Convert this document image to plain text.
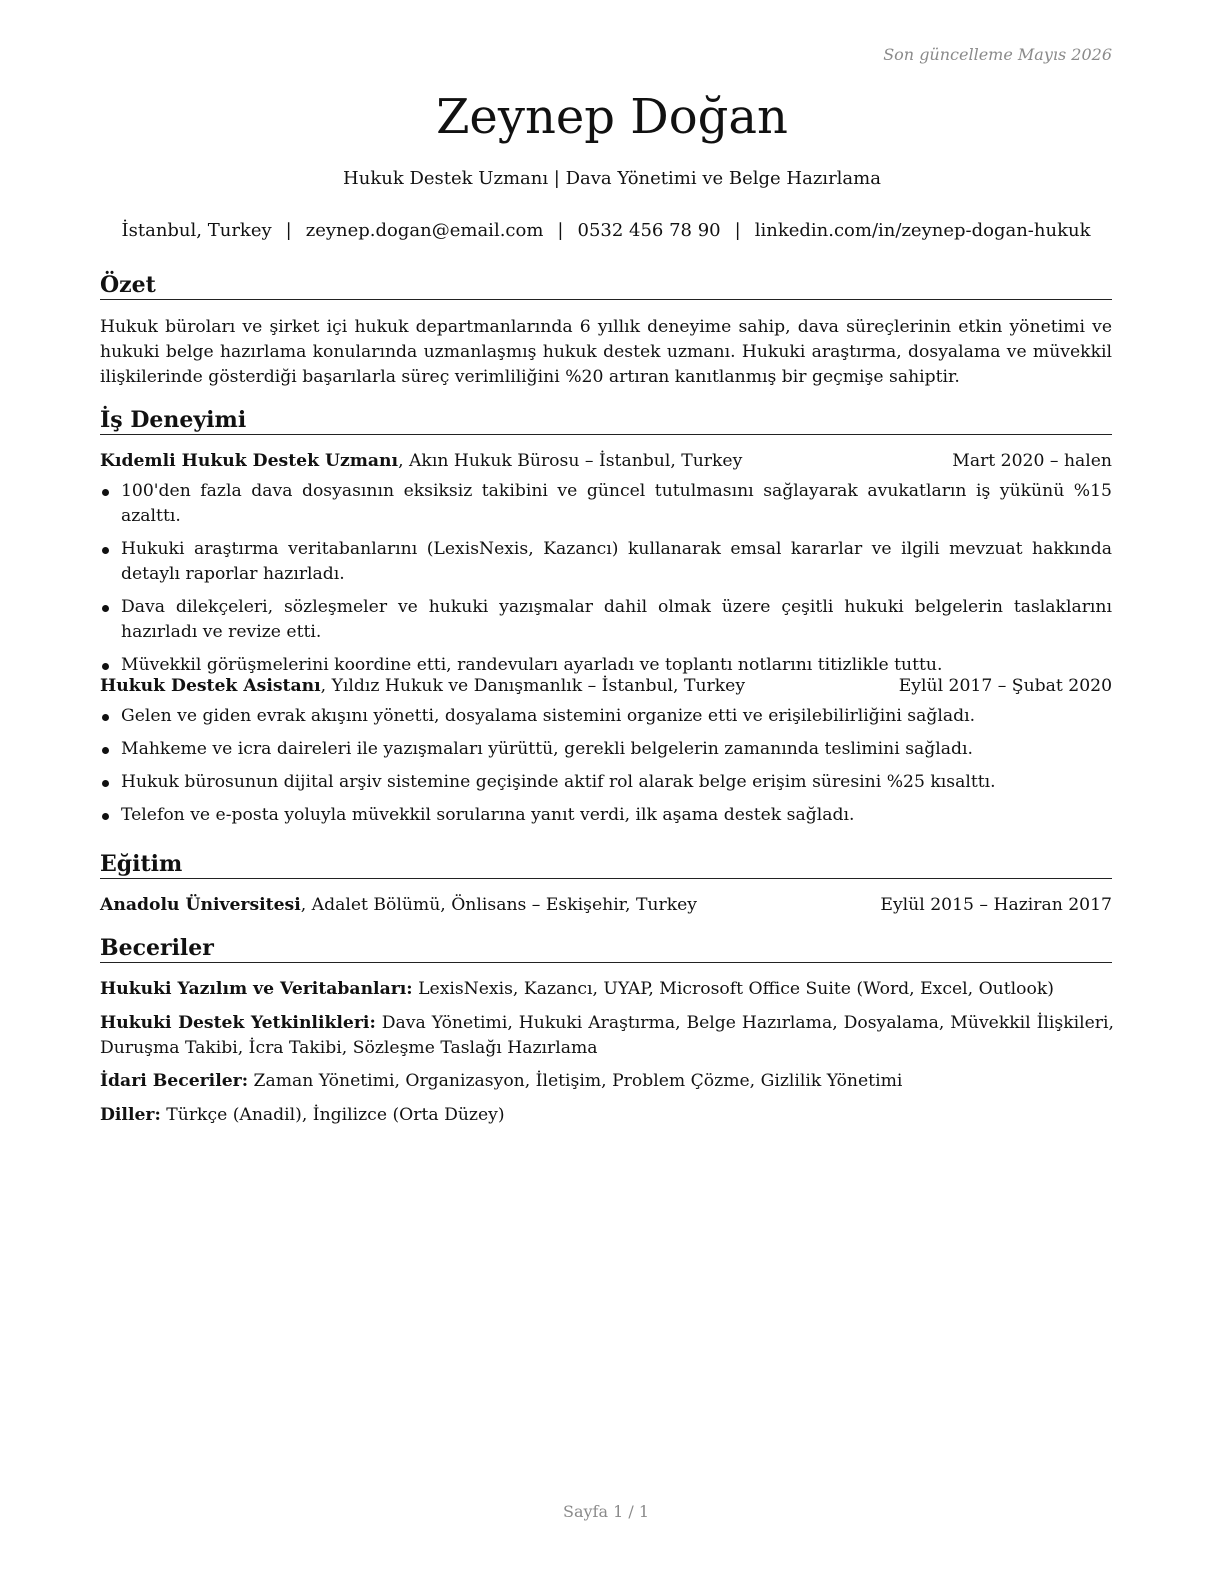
Son güncelleme Mayıs 2026
Zeynep Doğan
Hukuk Destek Uzmanı | Dava Yönetimi ve Belge Hazırlama
İstanbul, Turkey | zeynep.dogan@email.com | 0532 456 78 90 | linkedin.com/in/zeynep-dogan-hukuk
Özet
Hukuk büroları ve şirket içi hukuk departmanlarında 6 yıllık deneyime sahip, dava süreçlerinin etkin yönetimi ve hukuki belge hazırlama konularında uzmanlaşmış hukuk destek uzmanı. Hukuki araştırma, dosyalama ve müvekkil ilişkilerinde gösterdiği başarılarla süreç verimliliğini %20 artıran kanıtlanmış bir geçmişe sahiptir.
İş Deneyimi
Kıdemli Hukuk Destek Uzmanı, Akın Hukuk Bürosu – İstanbul, Turkey	Mart 2020 – halen
100'den fazla dava dosyasının eksiksiz takibini ve güncel tutulmasını sağlayarak avukatların iş yükünü %15 azalttı.
Hukuki araştırma veritabanlarını (LexisNexis, Kazancı) kullanarak emsal kararlar ve ilgili mevzuat hakkında detaylı raporlar hazırladı.
Dava dilekçeleri, sözleşmeler ve hukuki yazışmalar dahil olmak üzere çeşitli hukuki belgelerin taslaklarını hazırladı ve revize etti.
Müvekkil görüşmelerini koordine etti, randevuları ayarladı ve toplantı notlarını titizlikle tuttu.
Hukuk Destek Asistanı, Yıldız Hukuk ve Danışmanlık – İstanbul, Turkey	Eylül 2017 – Şubat 2020
Gelen ve giden evrak akışını yönetti, dosyalama sistemini organize etti ve erişilebilirliğini sağladı.
Mahkeme ve icra daireleri ile yazışmaları yürüttü, gerekli belgelerin zamanında teslimini sağladı.
Hukuk bürosunun dijital arşiv sistemine geçişinde aktif rol alarak belge erişim süresini %25 kısalttı.
Telefon ve e-posta yoluyla müvekkil sorularına yanıt verdi, ilk aşama destek sağladı.
Eğitim
Anadolu Üniversitesi, Adalet Bölümü, Önlisans – Eskişehir, Turkey	Eylül 2015 – Haziran 2017
Beceriler
Hukuki Yazılım ve Veritabanları: LexisNexis, Kazancı, UYAP, Microsoft Office Suite (Word, Excel, Outlook)
Hukuki Destek Yetkinlikleri: Dava Yönetimi, Hukuki Araştırma, Belge Hazırlama, Dosyalama, Müvekkil İlişkileri, Duruşma Takibi, İcra Takibi, Sözleşme Taslağı Hazırlama
İdari Beceriler: Zaman Yönetimi, Organizasyon, İletişim, Problem Çözme, Gizlilik Yönetimi
Diller: Türkçe (Anadil), İngilizce (Orta Düzey)
Sayfa 1 / 1
